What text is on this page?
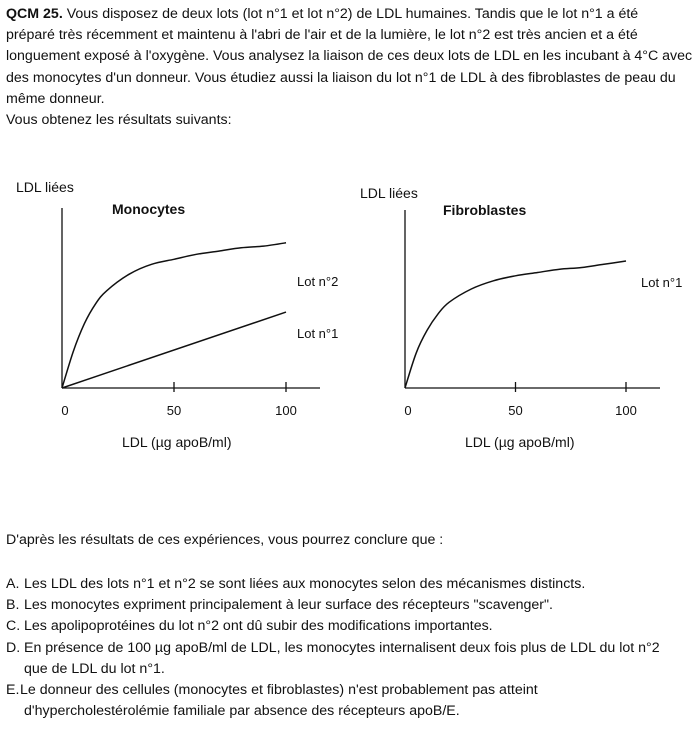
QCM 25. Vous disposez de deux lots (lot n°1 et lot n°2) de LDL humaines. Tandis que le lot n°1 a été
préparé très récemment et maintenu à l'abri de l'air et de la lumière, le lot n°2 est très ancien et a été
longuement exposé à l'oxygène. Vous analysez la liaison de ces deux lots de LDL en les incubant à 4°C avec
des monocytes d'un donneur. Vous étudiez aussi la liaison du lot n°1 de LDL à des fibroblastes de peau du
même donneur.
Vous obtenez les résultats suivants:
0	50	100
LDL liées
Monocytes
LDL (µg apoB/ml)
Lot n°2
Lot n°1
0	50	100
LDL liées
Fibroblastes
LDL (µg apoB/ml)
Lot n°1
D'après les résultats de ces expériences, vous pourrez conclure que :
A. Les LDL des lots n°1 et n°2 se sont liées aux monocytes selon des mécanismes distincts.
B. Les monocytes expriment principalement à leur surface des récepteurs "scavenger".
C. Les apolipoprotéines du lot n°2 ont dû subir des modifications importantes.
D. En présence de 100 µg apoB/ml de LDL, les monocytes internalisent deux fois plus de LDL du lot n°2
que de LDL du lot n°1.
E. Le donneur des cellules (monocytes et fibroblastes) n'est probablement pas atteint
d'hypercholestérolémie familiale par absence des récepteurs apoB/E.
